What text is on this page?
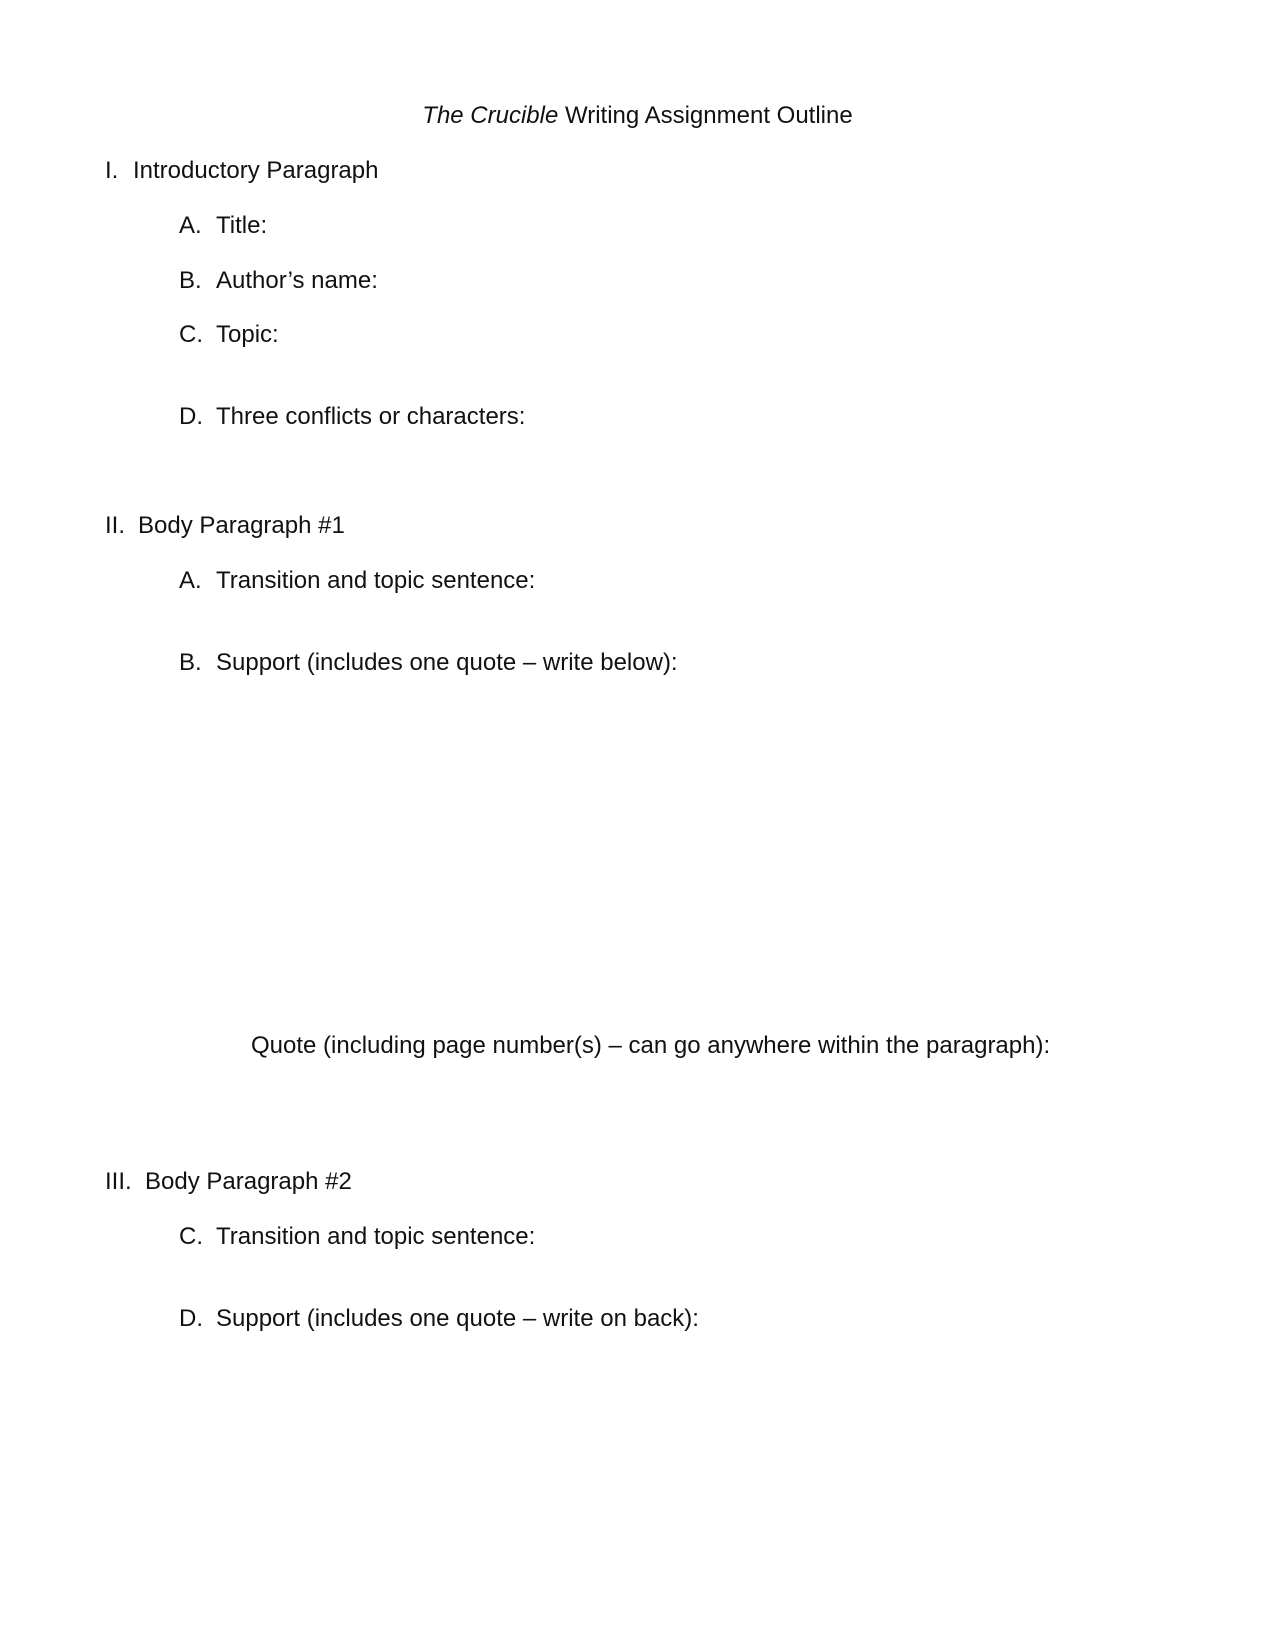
The Crucible Writing Assignment Outline
I. Introductory Paragraph
A. Title:
B. Author’s name:
C. Topic:
D. Three conflicts or characters:
II. Body Paragraph #1
A. Transition and topic sentence:
B. Support (includes one quote – write below):
Quote (including page number(s) – can go anywhere within the paragraph):
III. Body Paragraph #2
C. Transition and topic sentence:
D. Support (includes one quote – write on back):
